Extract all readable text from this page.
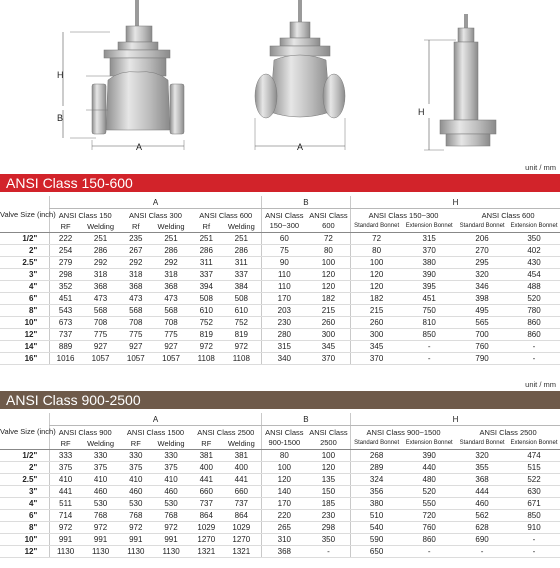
H
B
A	A
H
unit / mm
ANSI Class 150-600
Valve Size (inch)	A						B		H			
	ANSI Class 150		ANSI Class 300		ANSI Class 600		ANSI Class 150~300	ANSI Class 600	ANSI Class 150~300		ANSI Class 600	
	RF	Welding	Rf	Welding	Rf	Welding			Standard Bonnet	Extension Bonnet	Standard Bonnet	Extension Bonnet
1/2"	222	251	235	251	251	251	60	72	72	315	206	350
2"	254	286	267	286	286	286	75	80	80	370	270	402
2.5"	279	292	292	292	311	311	90	100	100	380	295	430
3"	298	318	318	318	337	337	110	120	120	390	320	454
4"	352	368	368	368	394	384	110	120	120	395	346	488
6"	451	473	473	473	508	508	170	182	182	451	398	520
8"	543	568	568	568	610	610	203	215	215	750	495	780
10"	673	708	708	708	752	752	230	260	260	810	565	860
12"	737	775	775	775	819	819	280	300	300	850	700	860
14"	889	927	927	927	972	972	315	345	345	-	760	-
16"	1016	1057	1057	1057	1108	1108	340	370	370	-	790	-
unit / mm
ANSI Class 900-2500
Valve Size (inch)	A						B		H			
	ANSI Class 900		ANSI Class 1500		ANSI Class 2500		ANSI Class 900-1500	ANSI Class 2500	ANSI Class 900~1500		ANSI Class 2500	
	RF	Welding	RF	Welding	RF	Welding			Standard Bonnet	Extension Bonnet	Standard Bonnet	Extension Bonnet
1/2"	333	330	330	330	381	381	80	100	268	390	320	474
2"	375	375	375	375	400	400	100	120	289	440	355	515
2.5"	410	410	410	410	441	441	120	135	324	480	368	522
3"	441	460	460	460	660	660	140	150	356	520	444	630
4"	511	530	530	530	737	737	170	185	380	550	460	671
6"	714	768	768	768	864	864	220	230	510	720	562	850
8"	972	972	972	972	1029	1029	265	298	540	760	628	910
10"	991	991	991	991	1270	1270	310	350	590	860	690	-
12"	1130	1130	1130	1130	1321	1321	368	-	650	-	-	-
